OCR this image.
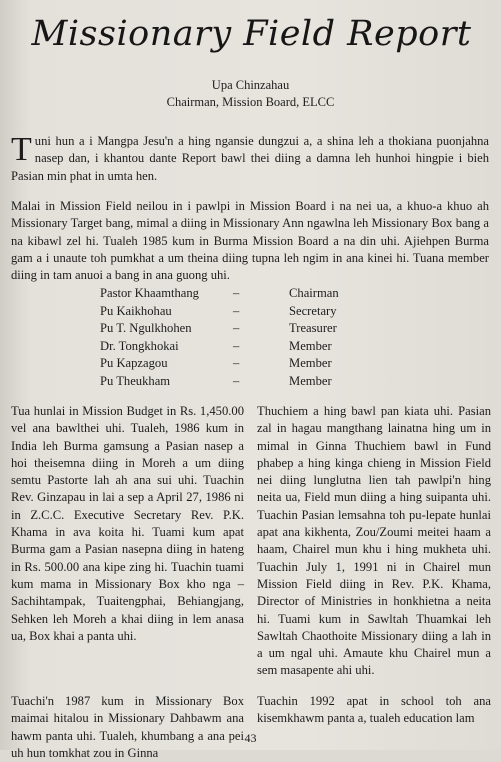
Missionary Field Report
Upa Chinzahau
Chairman, Mission Board, ELCC
Tuni hun a i Mangpa Jesu'n a hing ngansie dungzui a, a shina leh a thokiana puonjahna nasep dan, i khantou dante Report bawl thei diing a damna leh hunhoi hingpie i bieh Pasian min phat in umta hen.
Malai in Mission Field neilou in i pawlpi in Mission Board i na nei ua, a khuo-a khuo ah Missionary Target bang, mimal a diing in Missionary Ann ngawlna leh Missionary Box bang a na kibawl zel hi. Tualeh 1985 kum in Burma Mission Board a na din uhi. Ajiehpen Burma gam a i unaute toh pumkhat a um theina diing tupna leh ngim in ana kinei hi. Tuana member diing in tam anuoi a bang in ana guong uhi.
Pastor Khaamthang	–	Chairman
Pu Kaikhohau	–	Secretary
Pu T. Ngulkhohen	–	Treasurer
Dr. Tongkhokai	–	Member
Pu Kapzagou	–	Member
Pu Theukham	–	Member
Tua hunlai in Mission Budget in Rs. 1,450.00 vel ana bawlthei uhi. Tualeh, 1986 kum in India leh Burma gamsung a Pasian nasep a hoi theisemna diing in Moreh a um diing semtu Pastorte lah ah ana sui uhi. Tuachin Rev. Ginzapau in lai a sep a April 27, 1986 ni in Z.C.C. Executive Secretary Rev. P.K. Khama in ava koita hi. Tuami kum apat Burma gam a Pasian nasepna diing in hateng in Rs. 500.00 ana kipe zing hi. Tuachin tuami kum mama in Missionary Box kho nga – Sachihtampak, Tuaitengphai, Behiangjang, Sehken leh Moreh a khai diing in lem anasa ua, Box khai a panta uhi.
Tuachi'n 1987 kum in Missionary Box maimai hitalou in Missionary Dahbawm ana hawm panta uhi. Tualeh, khumbang a ana pei uh hun tomkhat zou in Ginna
Thuchiem a hing bawl pan kiata uhi. Pasian zal in hagau mangthang lainatna hing um in mimal in Ginna Thuchiem bawl in Fund phabep a hing kinga chieng in Mission Field nei diing lunglutna lien tah pawlpi'n hing neita ua, Field mun diing a hing suipanta uhi. Tuachin Pasian lemsahna toh pu-lepate hunlai apat ana kikhenta, Zou/Zoumi meitei haam a haam, Chairel mun khu i hing mukheta uhi. Tuachin July 1, 1991 ni in Chairel mun Mission Field diing in Rev. P.K. Khama, Director of Ministries in honkhietna a neita hi. Tuami kum in Sawltah Thuamkai leh Sawltah Chaothoite Missionary diing a lah in a um ngal uhi. Amaute khu Chairel mun a sem masapente ahi uhi.
Tuachin 1992 apat in school toh ana kisemkhawm panta a, tualeh education lam
43
